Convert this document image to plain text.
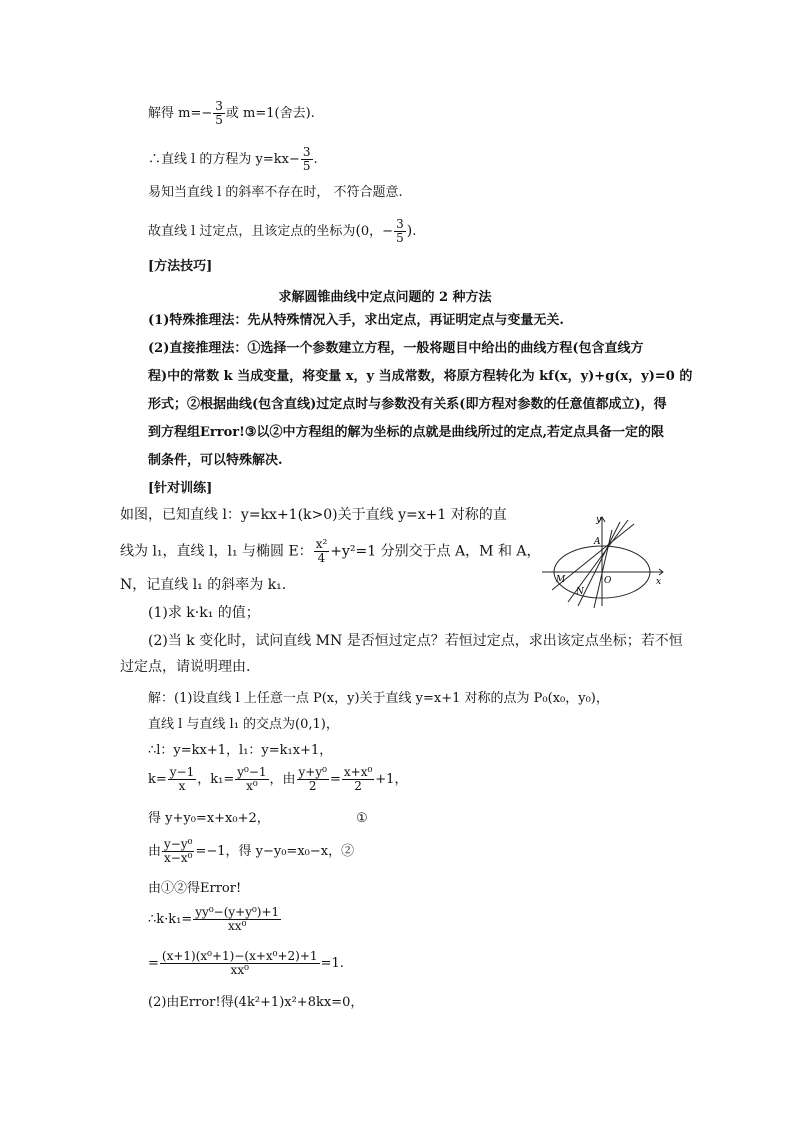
解得 $m=- \frac{3}{5}$ 或 m=1(舍去).
∴直线 l 的方程为 $y=kx- \frac{3}{5}$ .
易知当直线 l 的斜率不存在时， 不符合题意.
故直线 l 过定点，且该定点的坐标为(0，− $\frac{3}{5}$ ).
[方法技巧]
求解圆锥曲线中定点问题的 2 种方法
(1)特殊推理法：先从特殊情况入手，求出定点，再证明定点与变量无关.
(2)直接推理法：①选择一个参数建立方程，一般将题目中给出的曲线方程(包含直线方
程)中的常数 k 当成变量，将变量 x，y 当成常数，将原方程转化为 kf(x，y)+g(x，y)=0 的
形式；②根据曲线(包含直线)过定点时与参数没有关系(即方程对参数的任意值都成立)，得
到方程组Error!③以②中方程组的解为坐标的点就是曲线所过的定点,若定点具备一定的限
制条件，可以特殊解决.
[针对训练]
如图，已知直线 l：y=kx+1(k>0)关于直线 y=x+1 对称的直
线为 l₁，直线 l，l₁ 与椭圆 E： $\frac{\text{x²}}{4} +y^2=1$ 分别交于点 A，M 和 A，
N，记直线 l₁ 的斜率为 k₁.
(1)求 k·k₁ 的值；
(2)当 k 变化时，试问直线 MN 是否恒过定点？若恒过定点，求出该定点坐标；若不恒
过定点，请说明理由.
y
x
A
O
M
N
解：(1)设直线 l 上任意一点 P(x，y)关于直线 y=x+1 对称的点为 P₀(x₀，y₀)，
直线 l 与直线 l₁ 的交点为(0,1)，
∴l：y=kx+1，l₁：y=k₁x+1，
$k= \frac{y-1}{x}$ ，$k_1= \frac{\text{y⁰−1}}{\text{x⁰}}$ ，由 $\frac{\text{y+y⁰}}{2} = \frac{\text{x+x⁰}}{2} +1$，
得 y+y₀=x+x₀+2，	①
由 $\frac{\text{y−y⁰}}{\text{x−x⁰}} =-1$，得 y−y₀=x₀−x，②
由①②得Error!
∴k·k₁= $\frac{\text{yy⁰−(y+y⁰)+1}}{\text{xx⁰}}$
= $\frac{\text{(x+1)(x⁰+1)−(x+x⁰+2)+1}}{\text{xx⁰}} =1$.
(2)由Error!得(4k²+1)x²+8kx=0，
